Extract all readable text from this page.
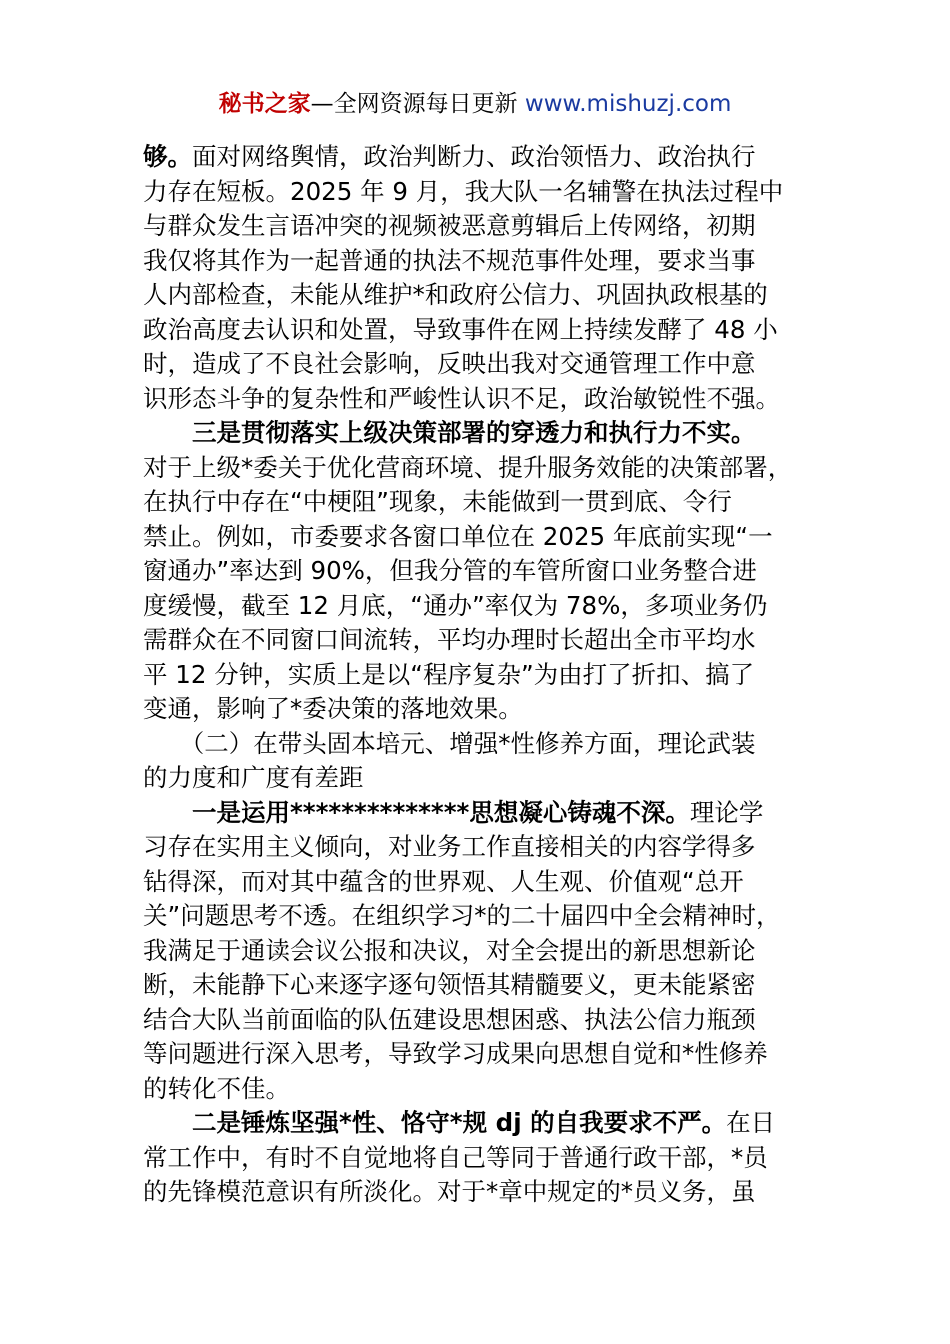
秘书之家—全网资源每日更新 www.mishuzj.com
够。面对网络舆情，政治判断力、政治领悟力、政治执行
力存在短板。2025 年 9 月，我大队一名辅警在执法过程中
与群众发生言语冲突的视频被恶意剪辑后上传网络，初期
我仅将其作为一起普通的执法不规范事件处理，要求当事
人内部检查，未能从维护*和政府公信力、巩固执政根基的
政治高度去认识和处置，导致事件在网上持续发酵了 48 小
时，造成了不良社会影响，反映出我对交通管理工作中意
识形态斗争的复杂性和严峻性认识不足，政治敏锐性不强。
　　三是贯彻落实上级决策部署的穿透力和执行力不实。
对于上级*委关于优化营商环境、提升服务效能的决策部署，
在执行中存在“中梗阻”现象，未能做到一贯到底、令行
禁止。例如，市委要求各窗口单位在 2025 年底前实现“一
窗通办”率达到 90%，但我分管的车管所窗口业务整合进
度缓慢，截至 12 月底，“通办”率仅为 78%，多项业务仍
需群众在不同窗口间流转，平均办理时长超出全市平均水
平 12 分钟，实质上是以“程序复杂”为由打了折扣、搞了
变通，影响了*委决策的落地效果。
　　（二）在带头固本培元、增强*性修养方面，理论武装
的力度和广度有差距
　　一是运用**************思想凝心铸魂不深。理论学
习存在实用主义倾向，对业务工作直接相关的内容学得多
钻得深，而对其中蕴含的世界观、人生观、价值观“总开
关”问题思考不透。在组织学习*的二十届四中全会精神时，
我满足于通读会议公报和决议，对全会提出的新思想新论
断，未能静下心来逐字逐句领悟其精髓要义，更未能紧密
结合大队当前面临的队伍建设思想困惑、执法公信力瓶颈
等问题进行深入思考，导致学习成果向思想自觉和*性修养
的转化不佳。
　　二是锤炼坚强*性、恪守*规 dj 的自我要求不严。在日
常工作中，有时不自觉地将自己等同于普通行政干部，*员
的先锋模范意识有所淡化。对于*章中规定的*员义务，虽
